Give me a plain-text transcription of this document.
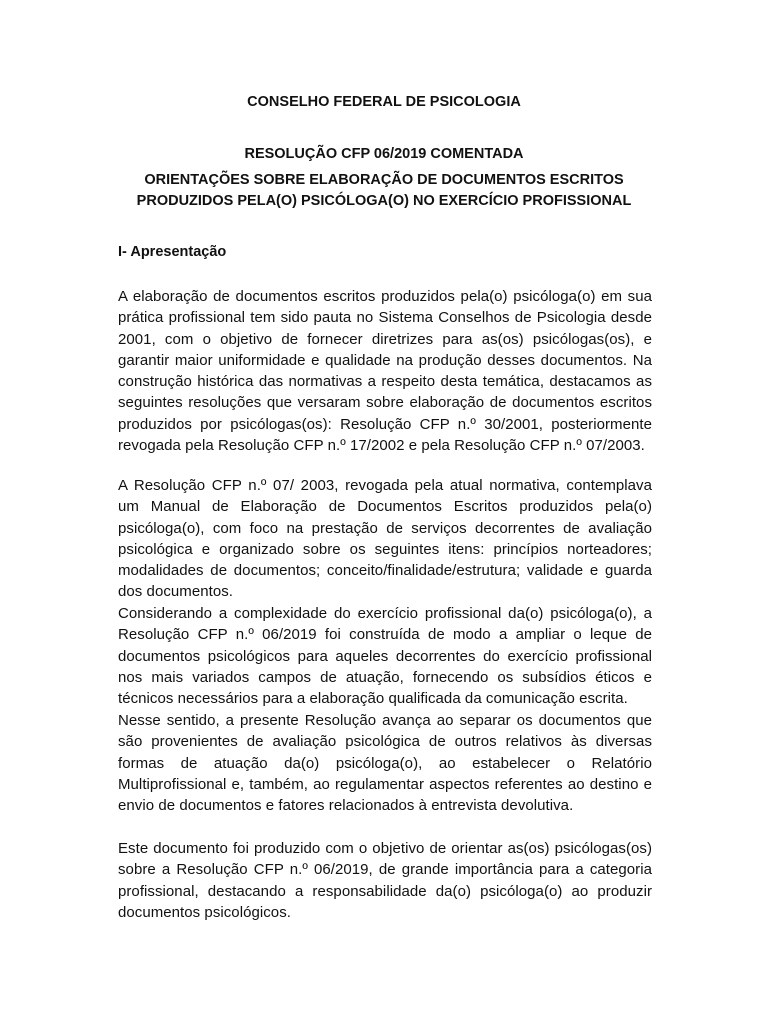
CONSELHO FEDERAL DE PSICOLOGIA

RESOLUÇÃO CFP 06/2019 COMENTADA

ORIENTAÇÕES SOBRE ELABORAÇÃO DE DOCUMENTOS ESCRITOS
PRODUZIDOS PELA(O) PSICÓLOGA(O) NO EXERCÍCIO PROFISSIONAL

I- Apresentação

A elaboração de documentos escritos produzidos pela(o) psicóloga(o) em sua prática profissional tem sido pauta no Sistema Conselhos de Psicologia desde 2001, com o objetivo de fornecer diretrizes para as(os) psicólogas(os), e garantir maior uniformidade e qualidade na produção desses documentos. Na construção histórica das normativas a respeito desta temática, destacamos as seguintes resoluções que versaram sobre elaboração de documentos escritos produzidos por psicólogas(os): Resolução CFP n.º 30/2001, posteriormente revogada pela Resolução CFP n.º 17/2002 e pela Resolução CFP n.º 07/2003.

A Resolução CFP n.º 07/ 2003, revogada pela atual normativa, contemplava um Manual de Elaboração de Documentos Escritos produzidos pela(o) psicóloga(o), com foco na prestação de serviços decorrentes de avaliação psicológica e organizado sobre os seguintes itens: princípios norteadores; modalidades de documentos; conceito/finalidade/estrutura; validade e guarda dos documentos.

Considerando a complexidade do exercício profissional da(o) psicóloga(o), a Resolução CFP n.º 06/2019 foi construída de modo a ampliar o leque de documentos psicológicos para aqueles decorrentes do exercício profissional nos mais variados campos de atuação, fornecendo os subsídios éticos e técnicos necessários para a elaboração qualificada da comunicação escrita.

Nesse sentido, a presente Resolução avança ao separar os documentos que são provenientes de avaliação psicológica de outros relativos às diversas formas de atuação da(o) psicóloga(o), ao estabelecer o Relatório Multiprofissional e, também, ao regulamentar aspectos referentes ao destino e envio de documentos e fatores relacionados à entrevista devolutiva.

Este documento foi produzido com o objetivo de orientar as(os) psicólogas(os) sobre a Resolução CFP n.º 06/2019, de grande importância para a categoria profissional, destacando a responsabilidade da(o) psicóloga(o) ao produzir documentos psicológicos.
